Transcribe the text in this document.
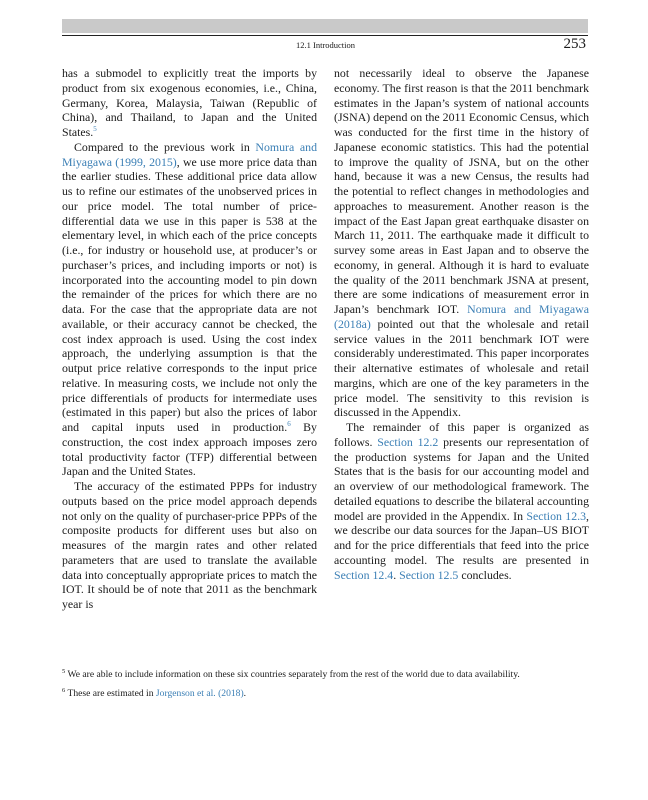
12.1 Introduction	253

has a submodel to explicitly treat the imports by product from six exogenous economies, i.e., China, Germany, Korea, Malaysia, Taiwan (Republic of China), and Thailand, to Japan and the United States.$^5$

Compared to the previous work in Nomura and Miyagawa (1999, 2015), we use more price data than the earlier studies. These additional price data allow us to refine our estimates of the unobserved prices in our price model. The total number of price-differential data we use in this paper is 538 at the elementary level, in which each of the price concepts (i.e., for industry or household use, at producer’s or purchaser’s prices, and including imports or not) is incorporated into the accounting model to pin down the remainder of the prices for which there are no data. For the case that the appropriate data are not available, or their accuracy cannot be checked, the cost index approach is used. Using the cost index approach, the underlying assumption is that the output price relative corresponds to the input price relative. In measuring costs, we include not only the price differentials of products for intermediate uses (estimated in this paper) but also the prices of labor and capital inputs used in production.$^6$ By construction, the cost index approach imposes zero total productivity factor (TFP) differential between Japan and the United States.

The accuracy of the estimated PPPs for industry outputs based on the price model approach depends not only on the quality of purchaser-price PPPs of the composite products for different uses but also on measures of the margin rates and other related parameters that are used to translate the available data into conceptually appropriate prices to match the IOT. It should be of note that 2011 as the benchmark year is

not necessarily ideal to observe the Japanese economy. The first reason is that the 2011 benchmark estimates in the Japan’s system of national accounts (JSNA) depend on the 2011 Economic Census, which was conducted for the first time in the history of Japanese economic statistics. This had the potential to improve the quality of JSNA, but on the other hand, because it was a new Census, the results had the potential to reflect changes in methodologies and approaches to measurement. Another reason is the impact of the East Japan great earthquake disaster on March 11, 2011. The earthquake made it difficult to survey some areas in East Japan and to observe the economy, in general. Although it is hard to evaluate the quality of the 2011 benchmark JSNA at present, there are some indications of measurement error in Japan’s benchmark IOT. Nomura and Miyagawa (2018a) pointed out that the wholesale and retail service values in the 2011 benchmark IOT were considerably underestimated. This paper incorporates their alternative estimates of wholesale and retail margins, which are one of the key parameters in the price model. The sensitivity to this revision is discussed in the Appendix.

The remainder of this paper is organized as follows. Section 12.2 presents our representation of the production systems for Japan and the United States that is the basis for our accounting model and an overview of our methodological framework. The detailed equations to describe the bilateral accounting model are provided in the Appendix. In Section 12.3, we describe our data sources for the Japan–US BIOT and for the price differentials that feed into the price accounting model. The results are presented in Section 12.4. Section 12.5 concludes.

$^5$ We are able to include information on these six countries separately from the rest of the world due to data availability.

$^6$ These are estimated in Jorgenson et al. (2018).
